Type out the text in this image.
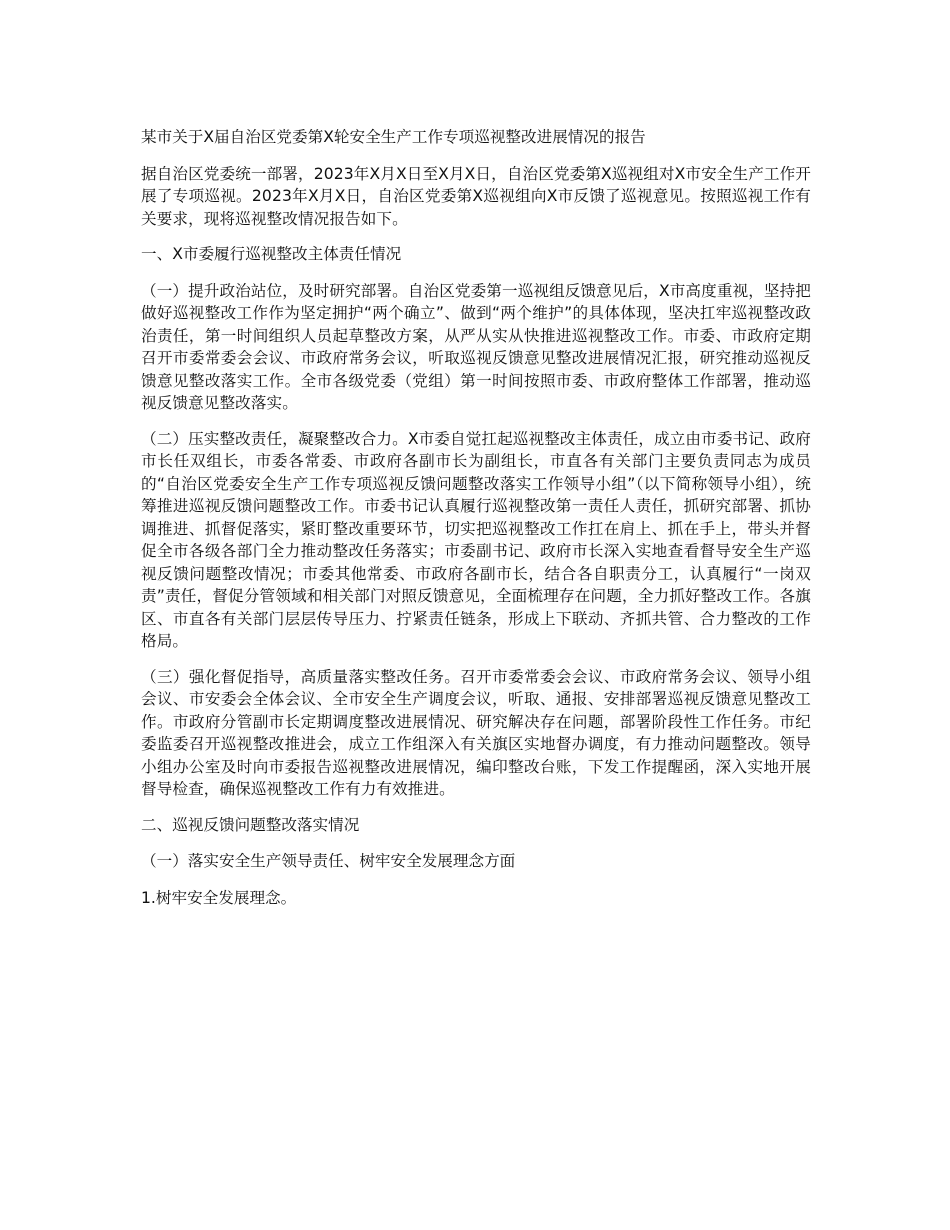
某市关于X届自治区党委第X轮安全生产工作专项巡视整改进展情况的报告

据自治区党委统一部署，2023年X月X日至X月X日，自治区党委第X巡视组对X市安全生产工作开展了专项巡视。2023年X月X日，自治区党委第X巡视组向X市反馈了巡视意见。按照巡视工作有关要求，现将巡视整改情况报告如下。

一、X市委履行巡视整改主体责任情况

（一）提升政治站位，及时研究部署。自治区党委第一巡视组反馈意见后，X市高度重视，坚持把做好巡视整改工作作为坚定拥护“两个确立”、做到“两个维护”的具体体现，坚决扛牢巡视整改政治责任，第一时间组织人员起草整改方案，从严从实从快推进巡视整改工作。市委、市政府定期召开市委常委会会议、市政府常务会议，听取巡视反馈意见整改进展情况汇报，研究推动巡视反馈意见整改落实工作。全市各级党委（党组）第一时间按照市委、市政府整体工作部署，推动巡视反馈意见整改落实。

（二）压实整改责任，凝聚整改合力。X市委自觉扛起巡视整改主体责任，成立由市委书记、政府市长任双组长，市委各常委、市政府各副市长为副组长，市直各有关部门主要负责同志为成员的“自治区党委安全生产工作专项巡视反馈问题整改落实工作领导小组”（以下简称领导小组），统筹推进巡视反馈问题整改工作。市委书记认真履行巡视整改第一责任人责任，抓研究部署、抓协调推进、抓督促落实，紧盯整改重要环节，切实把巡视整改工作扛在肩上、抓在手上，带头并督促全市各级各部门全力推动整改任务落实；市委副书记、政府市长深入实地查看督导安全生产巡视反馈问题整改情况；市委其他常委、市政府各副市长，结合各自职责分工，认真履行“一岗双责”责任，督促分管领域和相关部门对照反馈意见，全面梳理存在问题，全力抓好整改工作。各旗区、市直各有关部门层层传导压力、拧紧责任链条，形成上下联动、齐抓共管、合力整改的工作格局。

（三）强化督促指导，高质量落实整改任务。召开市委常委会会议、市政府常务会议、领导小组会议、市安委会全体会议、全市安全生产调度会议，听取、通报、安排部署巡视反馈意见整改工作。市政府分管副市长定期调度整改进展情况、研究解决存在问题，部署阶段性工作任务。市纪委监委召开巡视整改推进会，成立工作组深入有关旗区实地督办调度，有力推动问题整改。领导小组办公室及时向市委报告巡视整改进展情况，编印整改台账，下发工作提醒函，深入实地开展督导检查，确保巡视整改工作有力有效推进。

二、巡视反馈问题整改落实情况

（一）落实安全生产领导责任、树牢安全发展理念方面

1.树牢安全发展理念。
